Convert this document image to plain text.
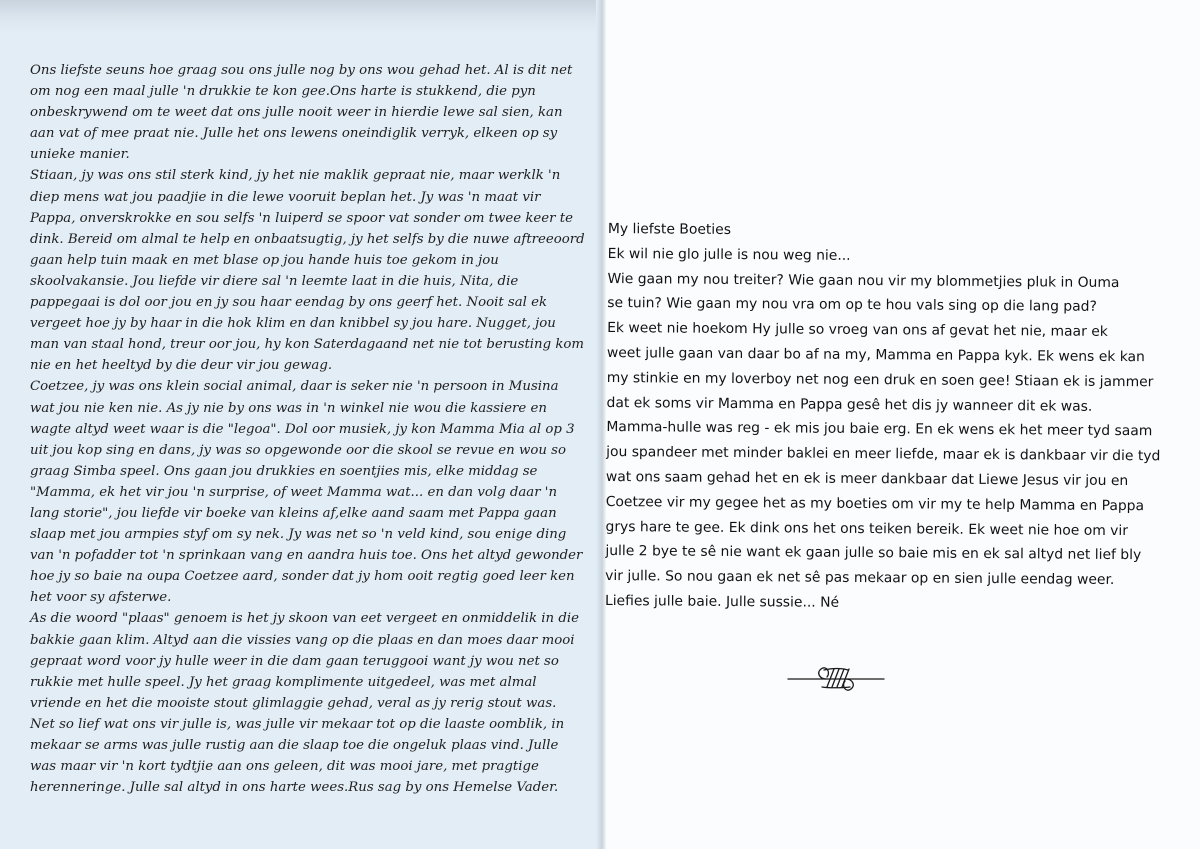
Ons liefste seuns hoe graag sou ons julle nog by ons wou gehad het. Al is dit net om nog een maal julle 'n drukkie te kon gee.Ons harte is stukkend, die pyn onbeskrywend om te weet dat ons julle nooit weer in hierdie lewe sal sien, kan aan vat of mee praat nie. Julle het ons lewens oneindiglik verryk, elkeen op sy unieke manier.

Stiaan, jy was ons stil sterk kind, jy het nie maklik gepraat nie, maar werklk 'n diep mens wat jou paadjie in die lewe vooruit beplan het. Jy was 'n maat vir Pappa, onverskrokke en sou selfs 'n luiperd se spoor vat sonder om twee keer te dink. Bereid om almal te help en onbaatsugtig, jy het selfs by die nuwe aftreeoord gaan help tuin maak en met blase op jou hande huis toe gekom in jou skoolvakansie. Jou liefde vir diere sal 'n leemte laat in die huis, Nita, die pappegaai is dol oor jou en jy sou haar eendag by ons geerf het. Nooit sal ek vergeet hoe jy by haar in die hok klim en dan knibbel sy jou hare. Nugget, jou man van staal hond, treur oor jou, hy kon Saterdagaand net nie tot berusting kom nie en het heeltyd by die deur vir jou gewag.

Coetzee, jy was ons klein social animal, daar is seker nie 'n persoon in Musina wat jou nie ken nie. As jy nie by ons was in 'n winkel nie wou die kassiere en wagte altyd weet waar is die "legoa". Dol oor musiek, jy kon Mamma Mia al op 3 uit jou kop sing en dans, jy was so opgewonde oor die skool se revue en wou so graag Simba speel. Ons gaan jou drukkies en soentjies mis, elke middag se "Mamma, ek het vir jou 'n surprise, of weet Mamma wat... en dan volg daar 'n lang storie", jou liefde vir boeke van kleins af,elke aand saam met Pappa gaan slaap met jou armpies styf om sy nek. Jy was net so 'n veld kind, sou enige ding van 'n pofadder tot 'n sprinkaan vang en aandra huis toe. Ons het altyd gewonder hoe jy so baie na oupa Coetzee aard, sonder dat jy hom ooit regtig goed leer ken het voor sy afsterwe.

As die woord "plaas" genoem is het jy skoon van eet vergeet en onmiddelik in die bakkie gaan klim. Altyd aan die vissies vang op die plaas en dan moes daar mooi gepraat word voor jy hulle weer in die dam gaan teruggooi want jy wou net so rukkie met hulle speel. Jy het graag komplimente uitgedeel, was met almal vriende en het die mooiste stout glimlaggie gehad, veral as jy rerig stout was.

Net so lief wat ons vir julle is, was julle vir mekaar tot op die laaste oomblik, in mekaar se arms was julle rustig aan die slaap toe die ongeluk plaas vind. Julle was maar vir 'n kort tydtjie aan ons geleen, dit was mooi jare, met pragtige herenneringe. Julle sal altyd in ons harte wees.Rus sag by ons Hemelse Vader.

My liefste Boeties
Ek wil nie glo julle is nou weg nie...
Wie gaan my nou treiter? Wie gaan nou vir my blommetjies pluk in Ouma
se tuin? Wie gaan my nou vra om op te hou vals sing op die lang pad?
Ek weet nie hoekom Hy julle so vroeg van ons af gevat het nie, maar ek
weet julle gaan van daar bo af na my, Mamma en Pappa kyk. Ek wens ek kan
my stinkie en my loverboy net nog een druk en soen gee! Stiaan ek is jammer
dat ek soms vir Mamma en Pappa gesê het dis jy wanneer dit ek was.
Mamma-hulle was reg - ek mis jou baie erg. En ek wens ek het meer tyd saam
jou spandeer met minder baklei en meer liefde, maar ek is dankbaar vir die tyd
wat ons saam gehad het en ek is meer dankbaar dat Liewe Jesus vir jou en
Coetzee vir my gegee het as my boeties om vir my te help Mamma en Pappa
grys hare te gee. Ek dink ons het ons teiken bereik. Ek weet nie hoe om vir
julle 2 bye te sê nie want ek gaan julle so baie mis en ek sal altyd net lief bly
vir julle. So nou gaan ek net sê pas mekaar op en sien julle eendag weer.
Liefies julle baie. Julle sussie... Né
